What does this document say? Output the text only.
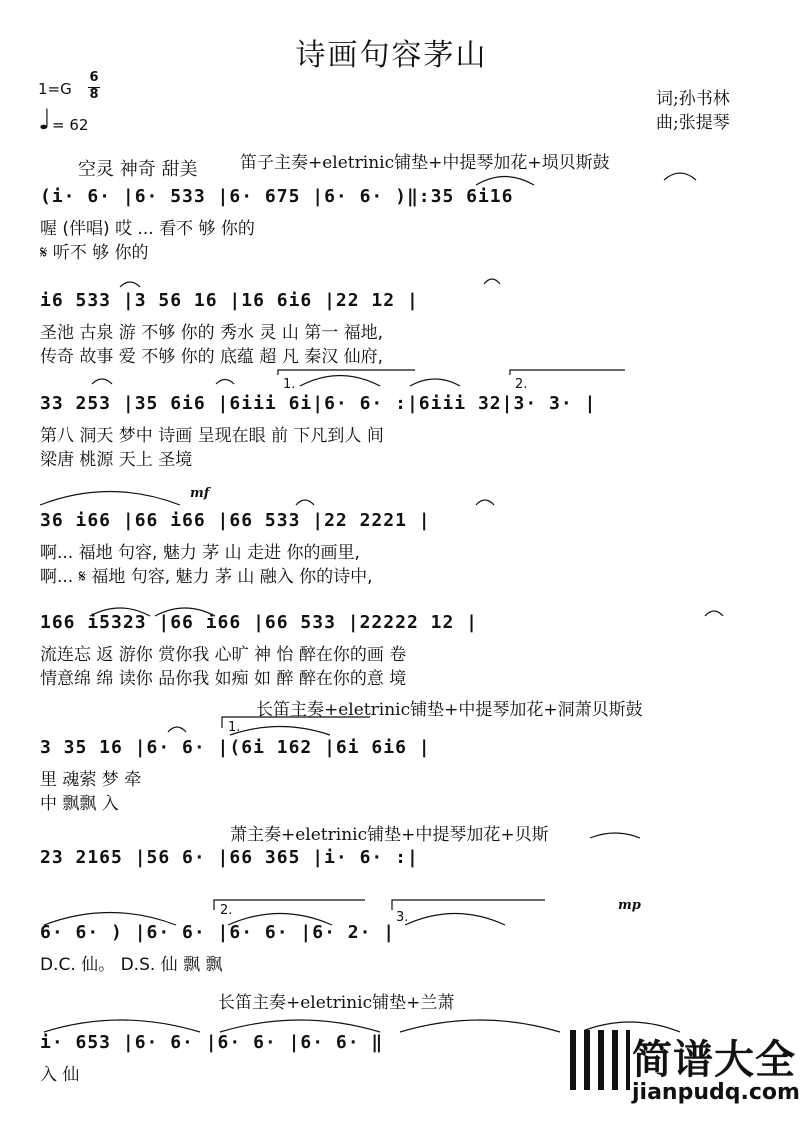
诗画句容茅山
1=G
6
8
♩ = 62
词;孙书林
曲;张提琴
空灵 神奇 甜美	笛子主奏+eletrinic铺垫+中提琴加花+埙贝斯鼓
长笛主奏+eletrinic铺垫+中提琴加花+洞萧贝斯鼓
萧主奏+eletrinic铺垫+中提琴加花+贝斯
长笛主奏+eletrinic铺垫+兰萧
(i· 6· |6· 533 |6· 675 |6· 6· )‖:35 6i16
喔 (伴唱) 哎 ... 看不 够 你的
𝄋 听不 够 你的
i6 533 |3 56 16 |16 6i6 |22 12 |
圣池 古泉 游 不够 你的 秀水 灵 山 第一 福地,
传奇 故事 爱 不够 你的 底蕴 超 凡 秦汉 仙府,
33 253 |35 6i6 |6iii 6i|6· 6· :|6iii 32|3· 3· |
第八 洞天 梦中 诗画 呈现在眼 前 下凡到人 间
梁唐 桃源 天上 圣境
36 i66 |66 i66 |66 533 |22 2221 |
啊... 福地 句容, 魅力 茅 山 走进 你的画里,
啊... 𝄋 福地 句容, 魅力 茅 山 融入 你的诗中,
166 i5323 |66 i66 |66 533 |22222 12 |
流连忘 返 游你 赏你我 心旷 神 怡 醉在你的画 卷
情意绵 绵 读你 品你我 如痴 如 醉 醉在你的意 境
3 35 16 |6· 6· |(6i 162 |6i 6i6 |
里 魂萦 梦 牵
中 飘飘 入
23 2165 |56 6· |66 365 |i· 6· :|
6· 6· ) |6· 6· |6· 6· |6· 2· |
D.C. 仙。 D.S. 仙 飘 飘
i· 653 |6· 6· |6· 6· |6· 6· ‖
入 仙
mf
mp
1.	2.
1.
2.	3.
简谱大全
jianpudq.com
